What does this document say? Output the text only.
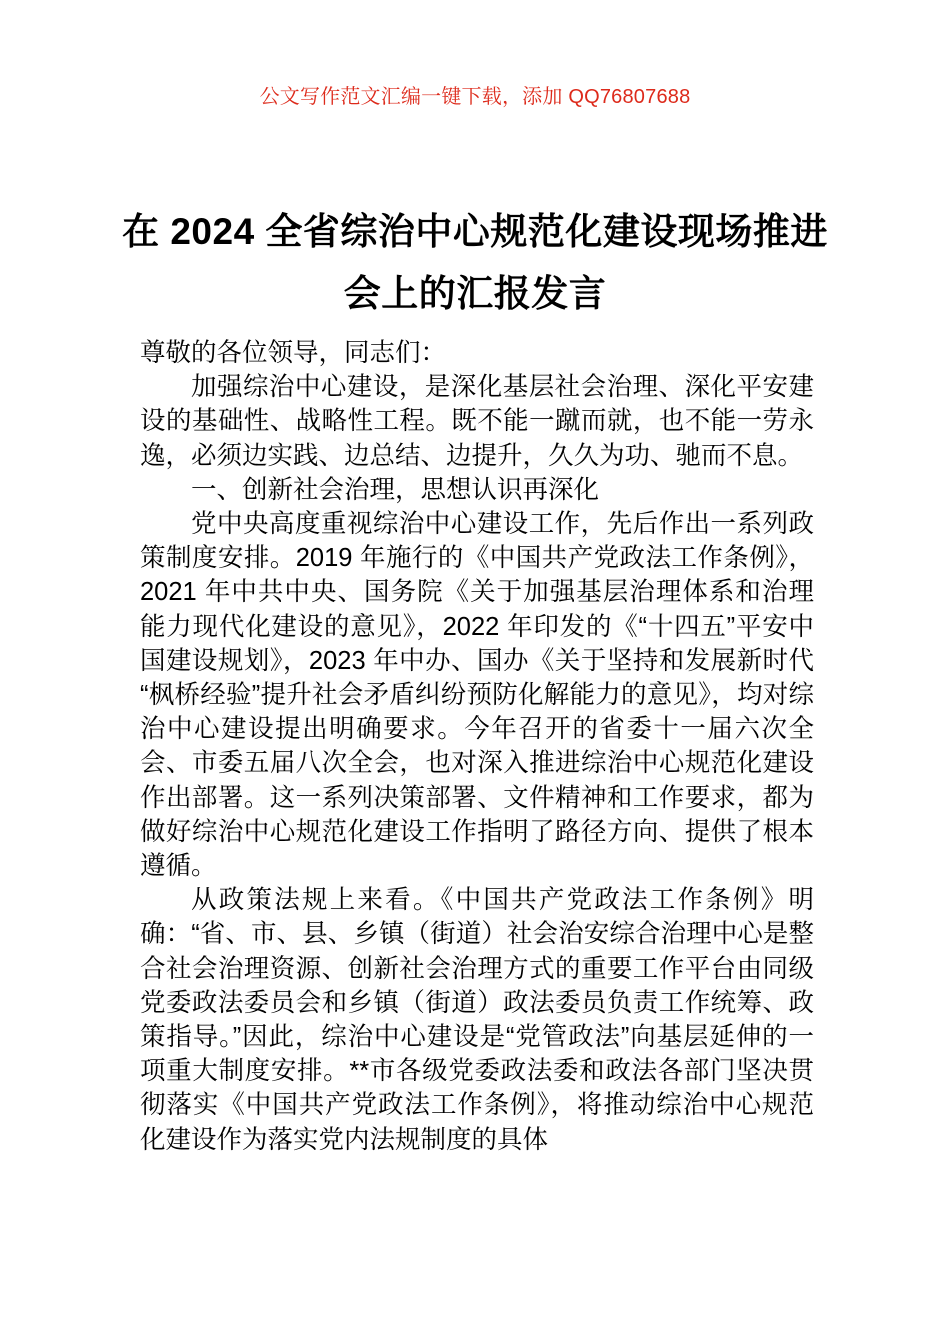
公文写作范文汇编一键下载，添加 QQ76807688
在 2024 全省综治中心规范化建设现场推进会上的汇报发言

尊敬的各位领导，同志们：

加强综治中心建设，是深化基层社会治理、深化平安建设的基础性、战略性工程。既不能一蹴而就，也不能一劳永逸，必须边实践、边总结、边提升，久久为功、驰而不息。

一、创新社会治理，思想认识再深化

党中央高度重视综治中心建设工作，先后作出一系列政策制度安排。2019 年施行的《中国共产党政法工作条例》，2021 年中共中央、国务院《关于加强基层治理体系和治理能力现代化建设的意见》，2022 年印发的《“十四五”平安中国建设规划》，2023 年中办、国办《关于坚持和发展新时代“枫桥经验”提升社会矛盾纠纷预防化解能力的意见》，均对综治中心建设提出明确要求。今年召开的省委十一届六次全会、市委五届八次全会，也对深入推进综治中心规范化建设作出部署。这一系列决策部署、文件精神和工作要求，都为做好综治中心规范化建设工作指明了路径方向、提供了根本遵循。

从政策法规上来看。《中国共产党政法工作条例》明确：“省、市、县、乡镇（街道）社会治安综合治理中心是整合社会治理资源、创新社会治理方式的重要工作平台由同级党委政法委员会和乡镇（街道）政法委员负责工作统筹、政策指导。”因此，综治中心建设是“党管政法”向基层延伸的一项重大制度安排。**市各级党委政法委和政法各部门坚决贯彻落实《中国共产党政法工作条例》，将推动综治中心规范化建设作为落实党内法规制度的具体
